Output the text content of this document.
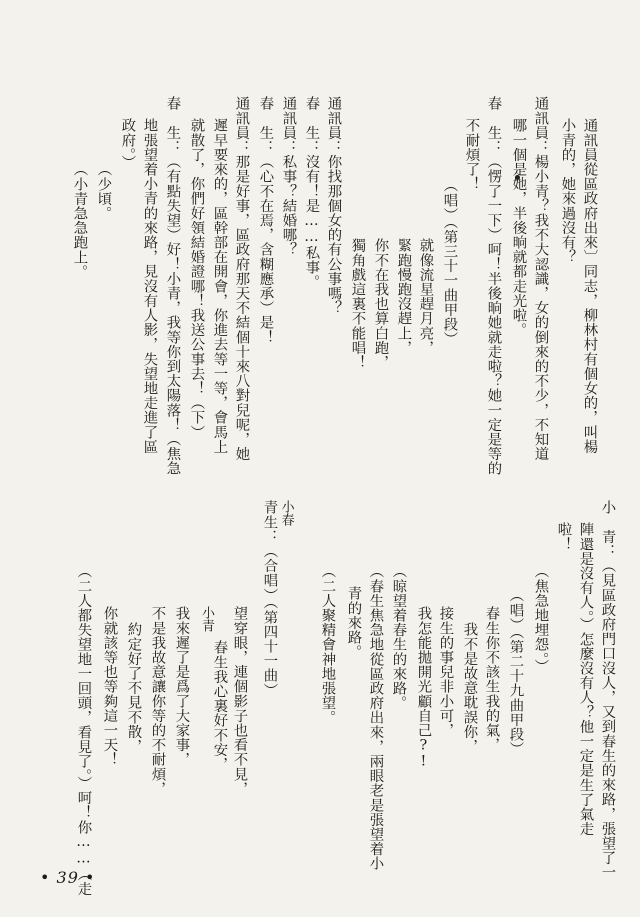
• 39 •
通訊員從區政府出來〕同志，柳林村有個女的，叫楊
小青的，她來過沒有？
通訊員：楊小青？我不大認識，女的倒來的不少，不知道
哪一個是她，半後晌就都走光啦。
春　生：（愣了一下）呵！半後晌她就走啦？她一定是等的
不耐煩了！
（唱）（第三十一曲甲段）
就像流星趕月亮，
緊跑慢跑沒趕上，
你不在我也算白跑，
獨角戲這裏不能唱！
通訊員：你找那個女的有公事嗎？
春　生：沒有！是……私事。
通訊員：私事？結婚哪？
春　生：（心不在焉，含糊應承）是！
通訊員：那是好事，區政府那天不結個十來八對兒呢，她
遲早要來的，區幹部在開會，你進去等一等，會馬上
就散了，你們好領結婚證哪！我送公事去！（下）
春　生：（有點失望）好！小青，我等你到太陽落！（焦急
地張望着小青的來路，見沒有人影，失望地走進了區
政府。）
（少頃。
（小青急急跑上。
小　青：（見區政府門口沒人，又到春生的來路，張望了一
陣還是沒有人。）怎麼沒有人？他一定是生了氣走
啦！
（焦急地埋怨。）
（唱）（第二十九曲甲段）
春生你不該生我的氣，
我不是故意耽誤你，
接生的事兒非小可，
我怎能拋開光顧自己?!
（晾望着春生的來路。
（春生焦急地從區政府出來，兩眼老是張望着小
青的來路。
（二人聚精會神地張望。
小春
青生：（合唱）（第四十一曲）
望穿眼，連個影子也看不見，
春生我心裏好不安，
小青
我來遲了是爲了大家事，
不是我故意讓你等的不耐煩，
約定好了不見不散，
你就該等也等夠這一天！
（二人都失望地一回頭，看見了。）呵！你……（走
